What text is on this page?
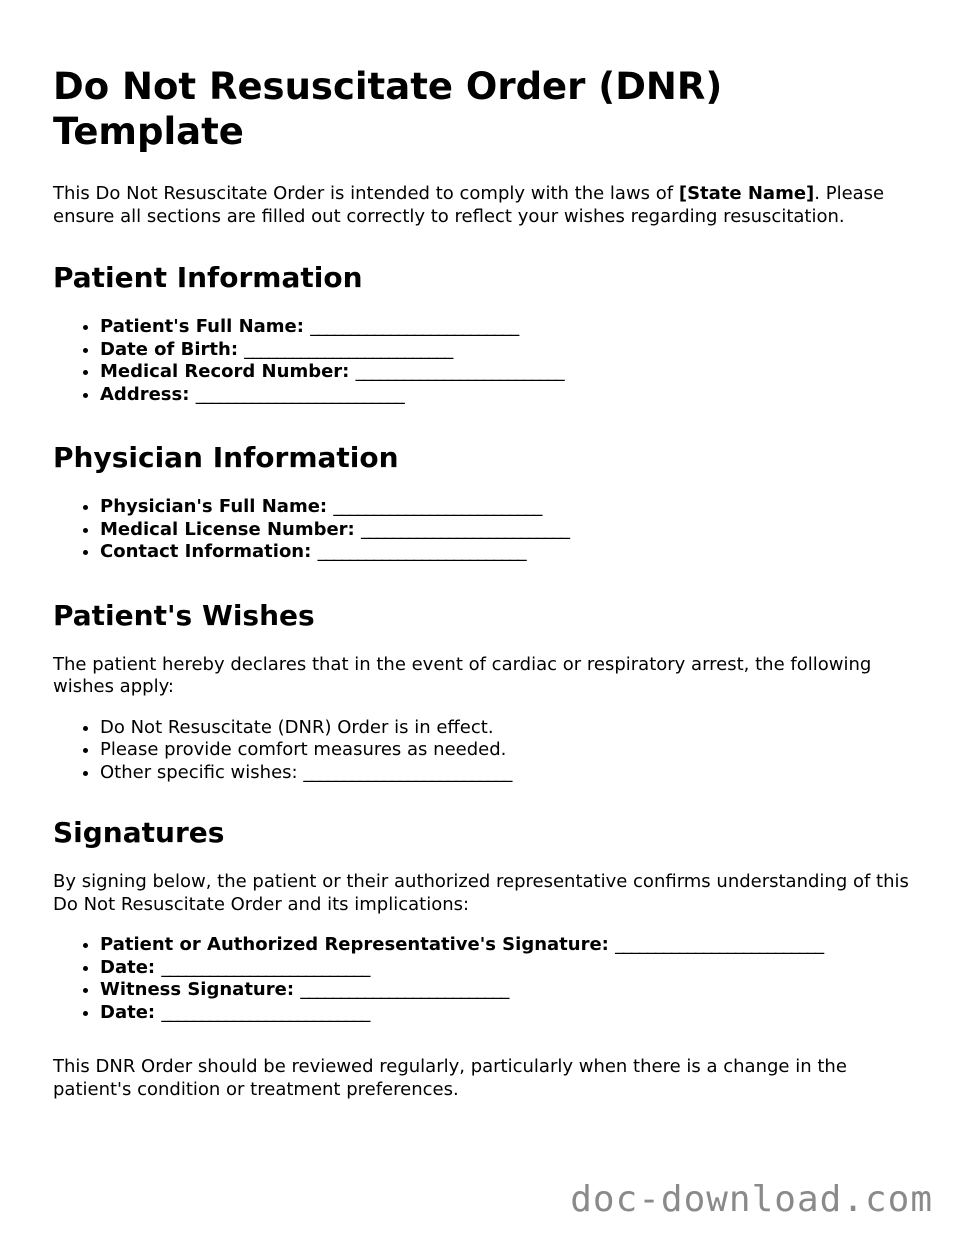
Do Not Resuscitate Order (DNR) Template

This Do Not Resuscitate Order is intended to comply with the laws of [State Name]. Please ensure all sections are filled out correctly to reflect your wishes regarding resuscitation.

Patient Information
• Patient's Full Name: __________________________
• Date of Birth: __________________________
• Medical Record Number: __________________________
• Address: __________________________
Physician Information
• Physician's Full Name: __________________________
• Medical License Number: __________________________
• Contact Information: __________________________
Patient's Wishes

The patient hereby declares that in the event of cardiac or respiratory arrest, the following wishes apply:

• Do Not Resuscitate (DNR) Order is in effect.
• Please provide comfort measures as needed.
• Other specific wishes: __________________________
Signatures

By signing below, the patient or their authorized representative confirms understanding of this Do Not Resuscitate Order and its implications:

• Patient or Authorized Representative's Signature: __________________________
• Date: __________________________
• Witness Signature: __________________________
• Date: __________________________

This DNR Order should be reviewed regularly, particularly when there is a change in the patient's condition or treatment preferences.

doc-download.com
